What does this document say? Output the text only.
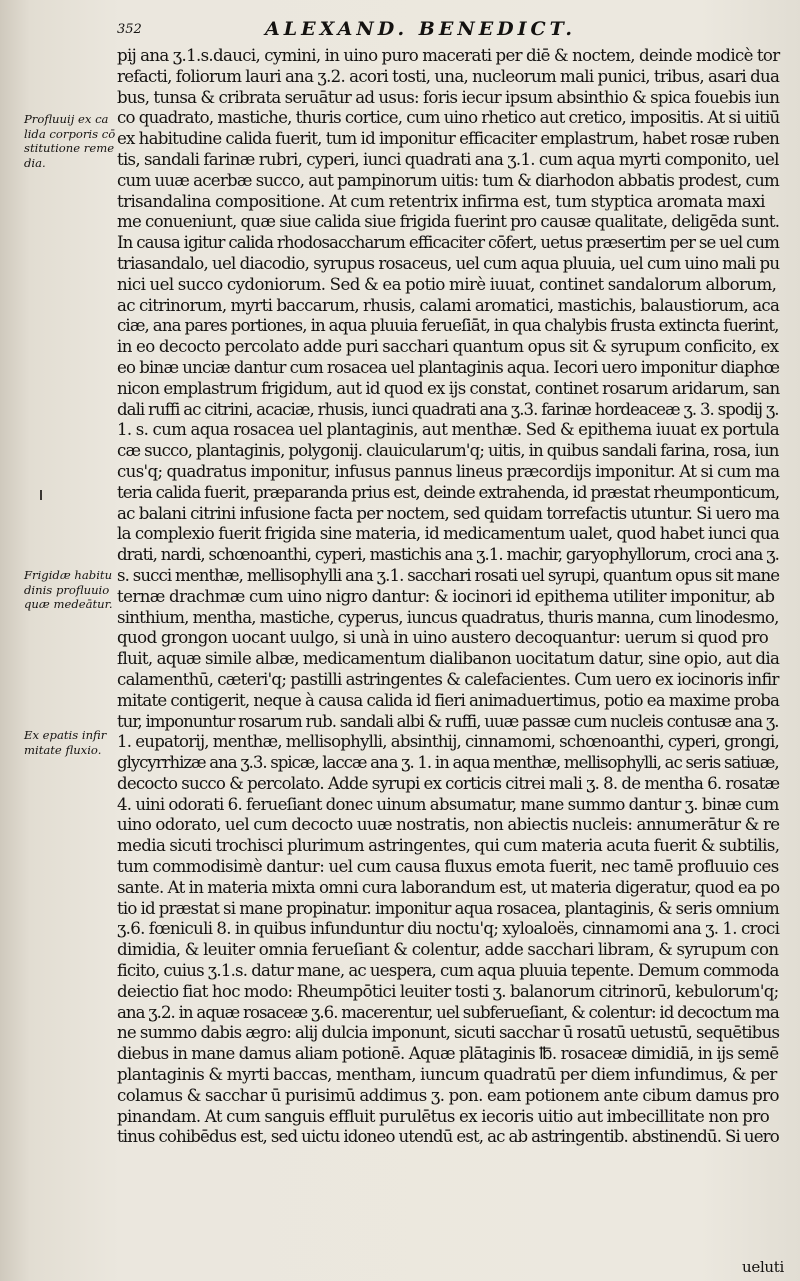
352	ALEXAND. BENEDICT.
Profluuij ex ca
lida corporis cō
stitutione reme
dia.
Frigidæ habitu
dinis profluuio
quæ medeātur.
Ex epatis infir
mitate fluxio.
pij ana ʒ.1.s.dauci, cymini, in uino puro macerati per diē & noctem, deinde modicè tor
refacti, foliorum lauri ana ʒ.2. acori tosti, una, nucleorum mali punici, tribus, asari dua
bus, tunsa & cribrata seruātur ad usus: foris iecur ipsum absinthio & spica fouebis iun
co quadrato, mastiche, thuris cortice, cum uino rhetico aut cretico, impositis. At si uitiū
ex habitudine calida fuerit, tum id imponitur efficaciter emplastrum, habet rosæ ruben
tis, sandali farinæ rubri, cyperi, iunci quadrati ana ʒ.1. cum aqua myrti componito, uel
cum uuæ acerbæ succo, aut pampinorum uitis: tum & diarhodon abbatis prodest, cum
trisandalina compositione. At cum retentrix infirma est, tum styptica aromata maxi
me conueniunt, quæ siue calida siue frigida fuerint pro causæ qualitate, deligēda sunt.
In causa igitur calida rhodosaccharum efficaciter cōfert, uetus præsertim per se uel cum
triasandalo, uel diacodio, syrupus rosaceus, uel cum aqua pluuia, uel cum uino mali pu
nici uel succo cydoniorum. Sed & ea potio mirè iuuat, continet sandalorum alborum,
ac citrinorum, myrti baccarum, rhusis, calami aromatici, mastichis, balaustiorum, aca
ciæ, ana pares portiones, in aqua pluuia ferueſiāt, in qua chalybis frusta extincta fuerint,
in eo decocto percolato adde puri sacchari quantum opus sit & syrupum conficito, ex
eo binæ unciæ dantur cum rosacea uel plantaginis aqua. Iecori uero imponitur diaphœ
nicon emplastrum frigidum, aut id quod ex ijs constat, continet rosarum aridarum, san
dali ruffi ac citrini, acaciæ, rhusis, iunci quadrati ana ʒ.3. farinæ hordeaceæ ʒ. 3. spodij ʒ.
1. s. cum aqua rosacea uel plantaginis, aut menthæ. Sed & epithema iuuat ex portula
cæ succo, plantaginis, polygonij. clauicularum'q; uitis, in quibus sandali farina, rosa, iun
cus'q; quadratus imponitur, infusus pannus lineus præcordijs imponitur. At si cum ma
teria calida fuerit, præparanda prius est, deinde extrahenda, id præstat rheumponticum,
ac balani citrini infusione facta per noctem, sed quidam torrefactis utuntur. Si uero ma
la complexio fuerit frigida sine materia, id medicamentum ualet, quod habet iunci qua
drati, nardi, schœnoanthi, cyperi, mastichis ana ʒ.1. machir, garyophyllorum, croci ana ʒ.
s. succi menthæ, mellisophylli ana ʒ.1. sacchari rosati uel syrupi, quantum opus sit mane
ternæ drachmæ cum uino nigro dantur: & iocinori id epithema utiliter imponitur, ab
sinthium, mentha, mastiche, cyperus, iuncus quadratus, thuris manna, cum linodesmo,
quod grongon uocant uulgo, si unà in uino austero decoquantur: uerum si quod pro
fluit, aquæ simile albæ, medicamentum dialibanon uocitatum datur, sine opio, aut dia
calamenthū, cæteri'q; pastilli astringentes & calefacientes. Cum uero ex iocinoris infir
mitate contigerit, neque à causa calida id fieri animaduertimus, potio ea maxime proba
tur, imponuntur rosarum rub. sandali albi & ruffi, uuæ passæ cum nucleis contusæ ana ʒ.
1. eupatorij, menthæ, mellisophylli, absinthij, cinnamomi, schœnoanthi, cyperi, grongi,
glycyrrhizæ ana ʒ.3. spicæ, laccæ ana ʒ. 1. in aqua menthæ, mellisophylli, ac seris satiuæ,
decocto succo & percolato. Adde syrupi ex corticis citrei mali ʒ. 8. de mentha 6. rosatæ
4. uini odorati 6. ferueſiant donec uinum absumatur, mane summo dantur ʒ. binæ cum
uino odorato, uel cum decocto uuæ nostratis, non abiectis nucleis: annumerātur & re
media sicuti trochisci plurimum astringentes, qui cum materia acuta fuerit & subtilis,
tum commodisimè dantur: uel cum causa fluxus emota fuerit, nec tamē profluuio ces
sante. At in materia mixta omni cura laborandum est, ut materia digeratur, quod ea po
tio id præstat si mane propinatur. imponitur aqua rosacea, plantaginis, & seris omnium
ʒ.6. fœniculi 8. in quibus infunduntur diu noctu'q; xyloaloës, cinnamomi ana ʒ. 1. croci
dimidia, & leuiter omnia ferueſiant & colentur, adde sacchari libram, & syrupum con
ficito, cuius ʒ.1.s. datur mane, ac uespera, cum aqua pluuia tepente. Demum commoda
deiectio fiat hoc modo: Rheumpōtici leuiter tosti ʒ. balanorum citrinorū, kebulorum'q;
ana ʒ.2. in aquæ rosaceæ ʒ.6. macerentur, uel subferueſiant, & colentur: id decoctum ma
ne summo dabis ægro: alij dulcia imponunt, sicuti sacchar ū rosatū uetustū, sequētibus
diebus in mane damus aliam potionē. Aquæ plātaginis ℔. rosaceæ dimidiā, in ijs semē
plantaginis & myrti baccas, mentham, iuncum quadratū per diem infundimus, & per
colamus & sacchar ū purisimū addimus ʒ. pon. eam potionem ante cibum damus pro
pinandam. At cum sanguis effluit purulētus ex iecoris uitio aut imbecillitate non pro
tinus cohibēdus est, sed uictu idoneo utendū est, ac ab astringentib. abstinendū. Si uero
ueluti
